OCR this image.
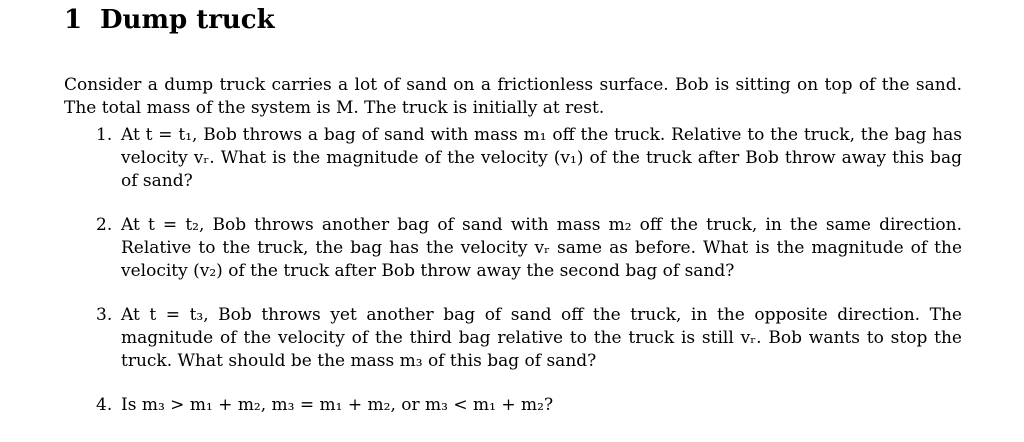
1 Dump truck

Consider a dump truck carries a lot of sand on a frictionless surface. Bob is sitting on top of the sand. The total mass of the system is M. The truck is initially at rest.

1. At t = t₁, Bob throws a bag of sand with mass m₁ off the truck. Relative to the truck, the bag has velocity vᵣ. What is the magnitude of the velocity (v₁) of the truck after Bob throw away this bag of sand?
2. At t = t₂, Bob throws another bag of sand with mass m₂ off the truck, in the same direction. Relative to the truck, the bag has the velocity vᵣ same as before. What is the magnitude of the velocity (v₂) of the truck after Bob throw away the second bag of sand?
3. At t = t₃, Bob throws yet another bag of sand off the truck, in the opposite direction. The magnitude of the velocity of the third bag relative to the truck is still vᵣ. Bob wants to stop the truck. What should be the mass m₃ of this bag of sand?
4. Is m₃ > m₁ + m₂, m₃ = m₁ + m₂, or m₃ < m₁ + m₂?
